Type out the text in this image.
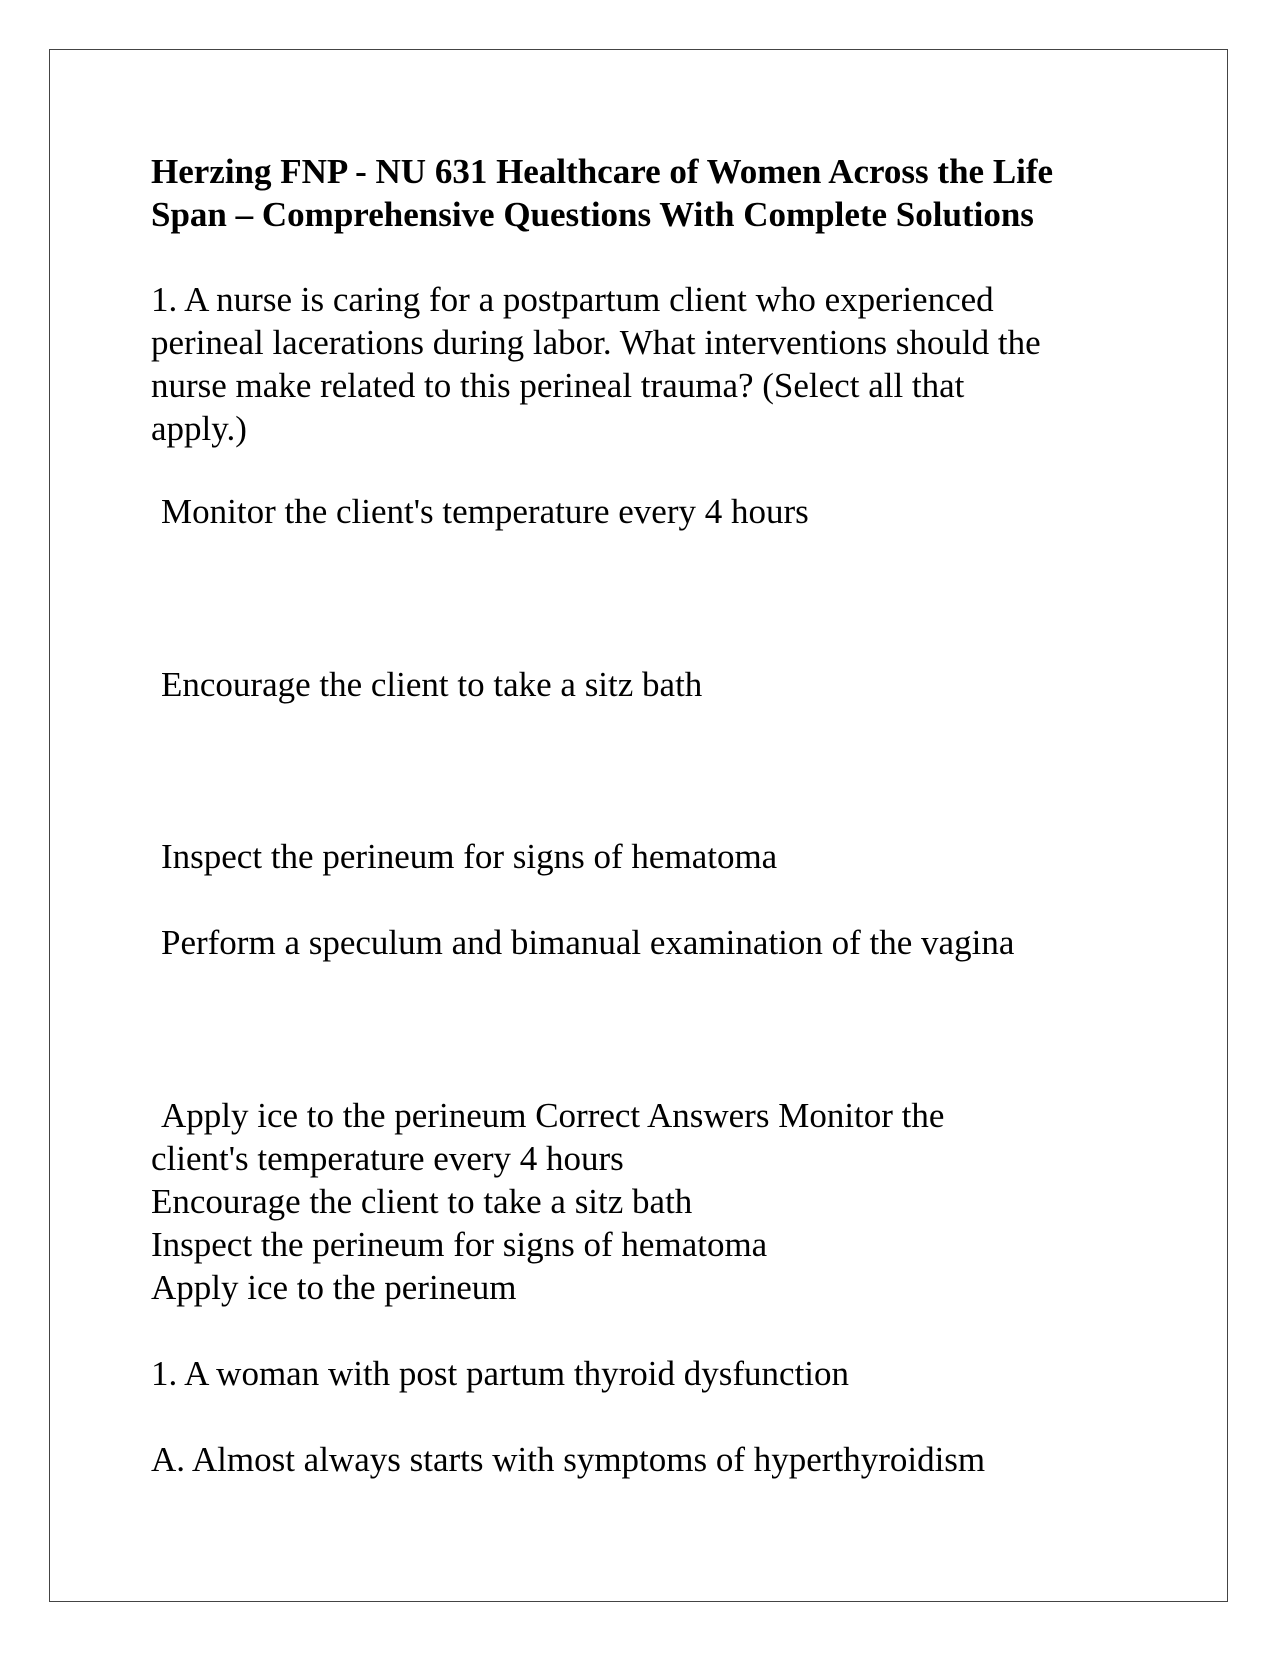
Herzing FNP - NU 631 Healthcare of Women Across the Life
Span – Comprehensive Questions With Complete Solutions

1. A nurse is caring for a postpartum client who experienced
perineal lacerations during labor. What interventions should the
nurse make related to this perineal trauma? (Select all that
apply.)

Monitor the client's temperature every 4 hours

Encourage the client to take a sitz bath

Inspect the perineum for signs of hematoma

Perform a speculum and bimanual examination of the vagina

Apply ice to the perineum Correct Answers Monitor the
client's temperature every 4 hours
Encourage the client to take a sitz bath
Inspect the perineum for signs of hematoma
Apply ice to the perineum

1. A woman with post partum thyroid dysfunction

A. Almost always starts with symptoms of hyperthyroidism
